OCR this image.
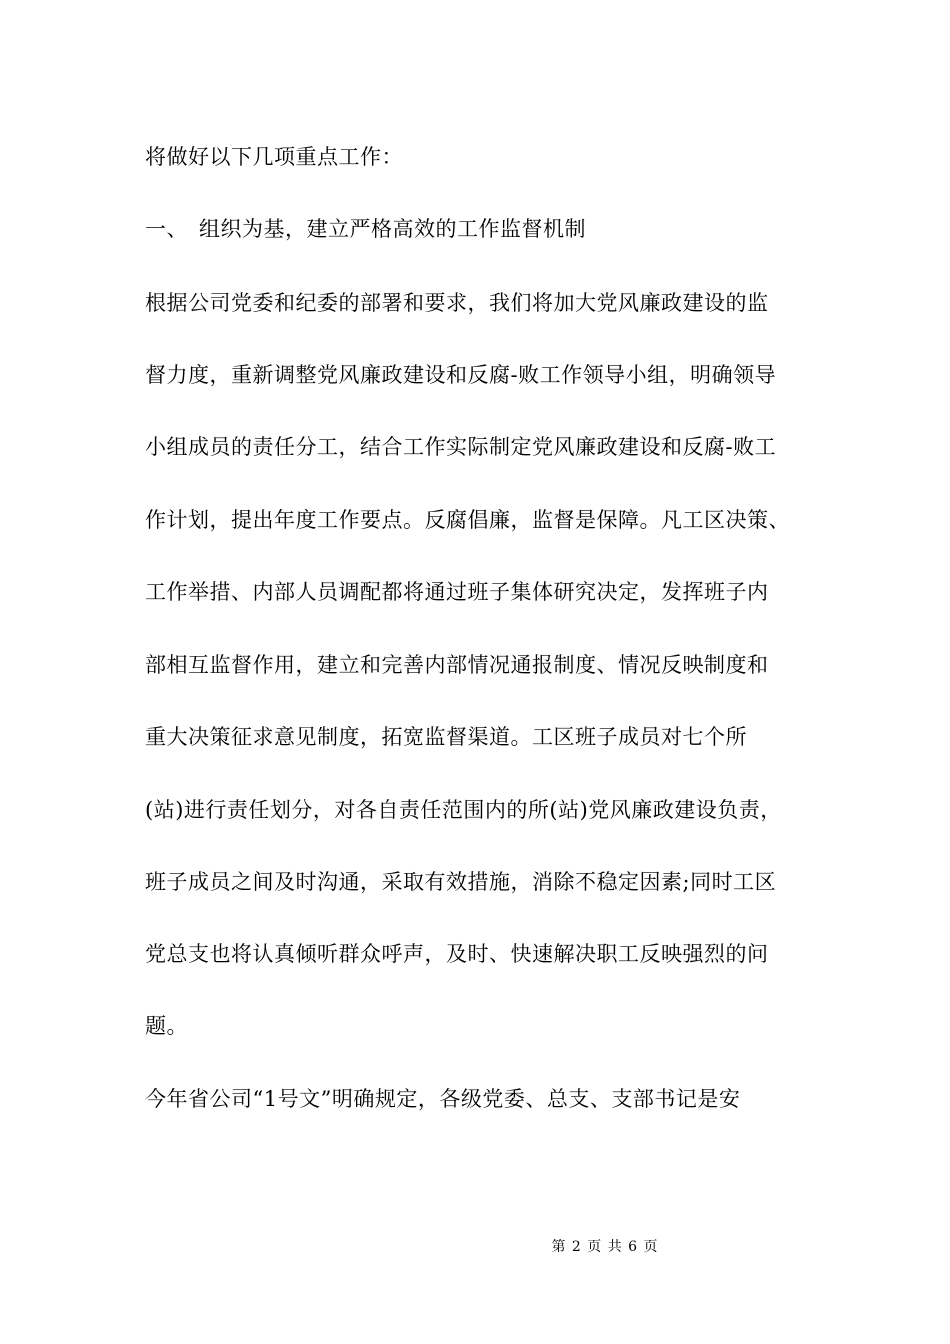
将做好以下几项重点工作：
一、 组织为基，建立严格高效的工作监督机制
根据公司党委和纪委的部署和要求，我们将加大党风廉政建设的监
督力度，重新调整党风廉政建设和反腐-败工作领导小组，明确领导
小组成员的责任分工，结合工作实际制定党风廉政建设和反腐-败工
作计划，提出年度工作要点。反腐倡廉，监督是保障。凡工区决策、
工作举措、内部人员调配都将通过班子集体研究决定，发挥班子内
部相互监督作用，建立和完善内部情况通报制度、情况反映制度和
重大决策征求意见制度，拓宽监督渠道。工区班子成员对七个所
(站)进行责任划分，对各自责任范围内的所(站)党风廉政建设负责，
班子成员之间及时沟通，采取有效措施，消除不稳定因素;同时工区
党总支也将认真倾听群众呼声，及时、快速解决职工反映强烈的问
题。
今年省公司“1号文”明确规定，各级党委、总支、支部书记是安
第 2 页 共 6 页
